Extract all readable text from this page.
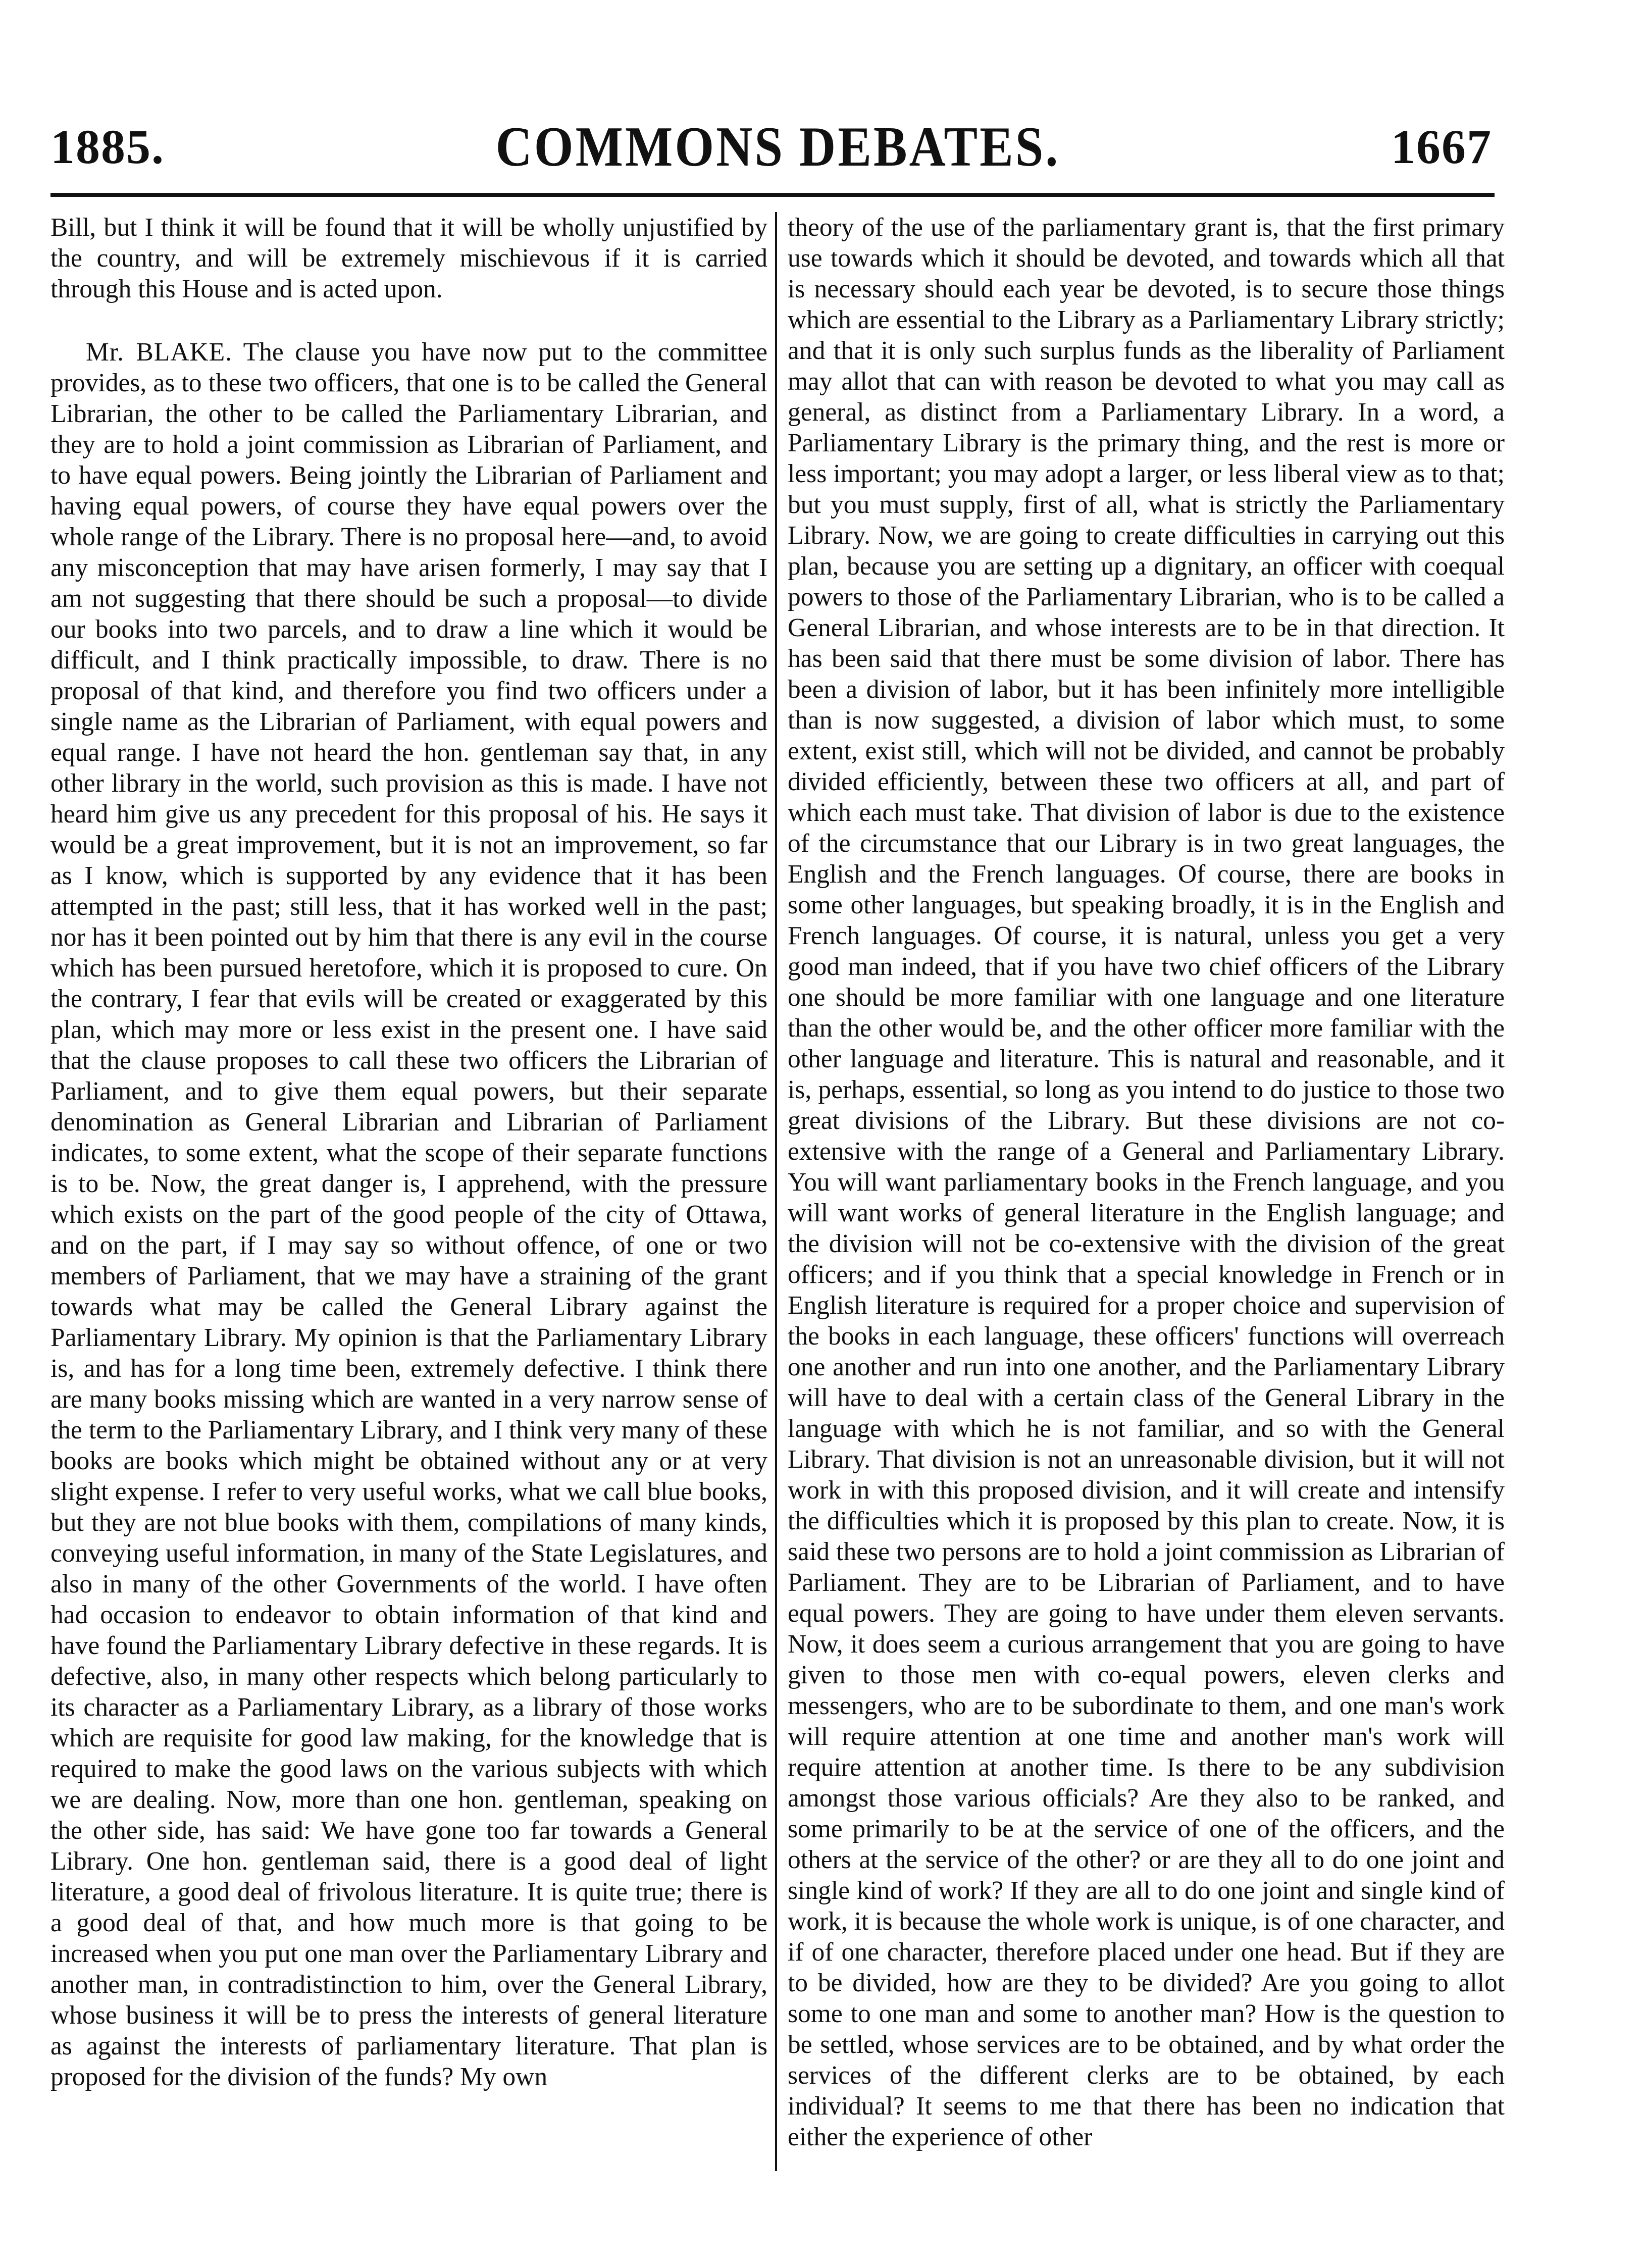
1885.	COMMONS DEBATES.	1667

Bill, but I think it will be found that it will be wholly unjustified by the country, and will be extremely mischievous if it is carried through this House and is acted upon.

Mr. BLAKE. The clause you have now put to the committee provides, as to these two officers, that one is to be called the General Librarian, the other to be called the Parliamentary Librarian, and they are to hold a joint commission as Librarian of Parliament, and to have equal powers. Being jointly the Librarian of Parliament and having equal powers, of course they have equal powers over the whole range of the Library. There is no proposal here—and, to avoid any misconception that may have arisen formerly, I may say that I am not suggesting that there should be such a proposal—to divide our books into two parcels, and to draw a line which it would be difficult, and I think practically impossible, to draw. There is no proposal of that kind, and therefore you find two officers under a single name as the Librarian of Parliament, with equal powers and equal range. I have not heard the hon. gentleman say that, in any other library in the world, such provision as this is made. I have not heard him give us any precedent for this proposal of his. He says it would be a great improvement, but it is not an improvement, so far as I know, which is supported by any evidence that it has been attempted in the past; still less, that it has worked well in the past; nor has it been pointed out by him that there is any evil in the course which has been pursued heretofore, which it is proposed to cure. On the contrary, I fear that evils will be created or exaggerated by this plan, which may more or less exist in the present one. I have said that the clause proposes to call these two officers the Librarian of Parliament, and to give them equal powers, but their separate denomination as General Librarian and Librarian of Parliament indicates, to some extent, what the scope of their separate functions is to be. Now, the great danger is, I apprehend, with the pressure which exists on the part of the good people of the city of Ottawa, and on the part, if I may say so without offence, of one or two members of Parliament, that we may have a straining of the grant towards what may be called the General Library against the Parliamentary Library. My opinion is that the Parliamentary Library is, and has for a long time been, extremely defective. I think there are many books missing which are wanted in a very narrow sense of the term to the Parliamentary Library, and I think very many of these books are books which might be obtained without any or at very slight expense. I refer to very useful works, what we call blue books, but they are not blue books with them, compilations of many kinds, conveying useful information, in many of the State Legislatures, and also in many of the other Governments of the world. I have often had occasion to endeavor to obtain information of that kind and have found the Parliamentary Library defective in these regards. It is defective, also, in many other respects which belong particularly to its character as a Parliamentary Library, as a library of those works which are requisite for good law making, for the knowledge that is required to make the good laws on the various subjects with which we are dealing. Now, more than one hon. gentleman, speaking on the other side, has said: We have gone too far towards a General Library. One hon. gentleman said, there is a good deal of light literature, a good deal of frivolous literature. It is quite true; there is a good deal of that, and how much more is that going to be increased when you put one man over the Parliamentary Library and another man, in contradistinction to him, over the General Library, whose business it will be to press the interests of general literature as against the interests of parliamentary literature. That plan is proposed for the division of the funds? My own

theory of the use of the parliamentary grant is, that the first primary use towards which it should be devoted, and towards which all that is necessary should each year be devoted, is to secure those things which are essential to the Library as a Parliamentary Library strictly; and that it is only such surplus funds as the liberality of Parliament may allot that can with reason be devoted to what you may call as general, as distinct from a Parliamentary Library. In a word, a Parliamentary Library is the primary thing, and the rest is more or less important; you may adopt a larger, or less liberal view as to that; but you must supply, first of all, what is strictly the Parliamentary Library. Now, we are going to create difficulties in carrying out this plan, because you are setting up a dignitary, an officer with coequal powers to those of the Parliamentary Librarian, who is to be called a General Librarian, and whose interests are to be in that direction. It has been said that there must be some division of labor. There has been a division of labor, but it has been infinitely more intelligible than is now suggested, a division of labor which must, to some extent, exist still, which will not be divided, and cannot be probably divided efficiently, between these two officers at all, and part of which each must take. That division of labor is due to the existence of the circumstance that our Library is in two great languages, the English and the French languages. Of course, there are books in some other languages, but speaking broadly, it is in the English and French languages. Of course, it is natural, unless you get a very good man indeed, that if you have two chief officers of the Library one should be more familiar with one language and one literature than the other would be, and the other officer more familiar with the other language and literature. This is natural and reasonable, and it is, perhaps, essential, so long as you intend to do justice to those two great divisions of the Library. But these divisions are not co-extensive with the range of a General and Parliamentary Library. You will want parliamentary books in the French language, and you will want works of general literature in the English language; and the division will not be co-extensive with the division of the great officers; and if you think that a special knowledge in French or in English literature is required for a proper choice and supervision of the books in each language, these officers' functions will overreach one another and run into one another, and the Parliamentary Library will have to deal with a certain class of the General Library in the language with which he is not familiar, and so with the General Library. That division is not an unreasonable division, but it will not work in with this proposed division, and it will create and intensify the difficulties which it is proposed by this plan to create. Now, it is said these two persons are to hold a joint commission as Librarian of Parliament. They are to be Librarian of Parliament, and to have equal powers. They are going to have under them eleven servants. Now, it does seem a curious arrangement that you are going to have given to those men with co-equal powers, eleven clerks and messengers, who are to be subordinate to them, and one man's work will require attention at one time and another man's work will require attention at another time. Is there to be any subdivision amongst those various officials? Are they also to be ranked, and some primarily to be at the service of one of the officers, and the others at the service of the other? or are they all to do one joint and single kind of work? If they are all to do one joint and single kind of work, it is because the whole work is unique, is of one character, and if of one character, therefore placed under one head. But if they are to be divided, how are they to be divided? Are you going to allot some to one man and some to another man? How is the question to be settled, whose services are to be obtained, and by what order the services of the different clerks are to be obtained, by each individual? It seems to me that there has been no indication that either the experience of other
